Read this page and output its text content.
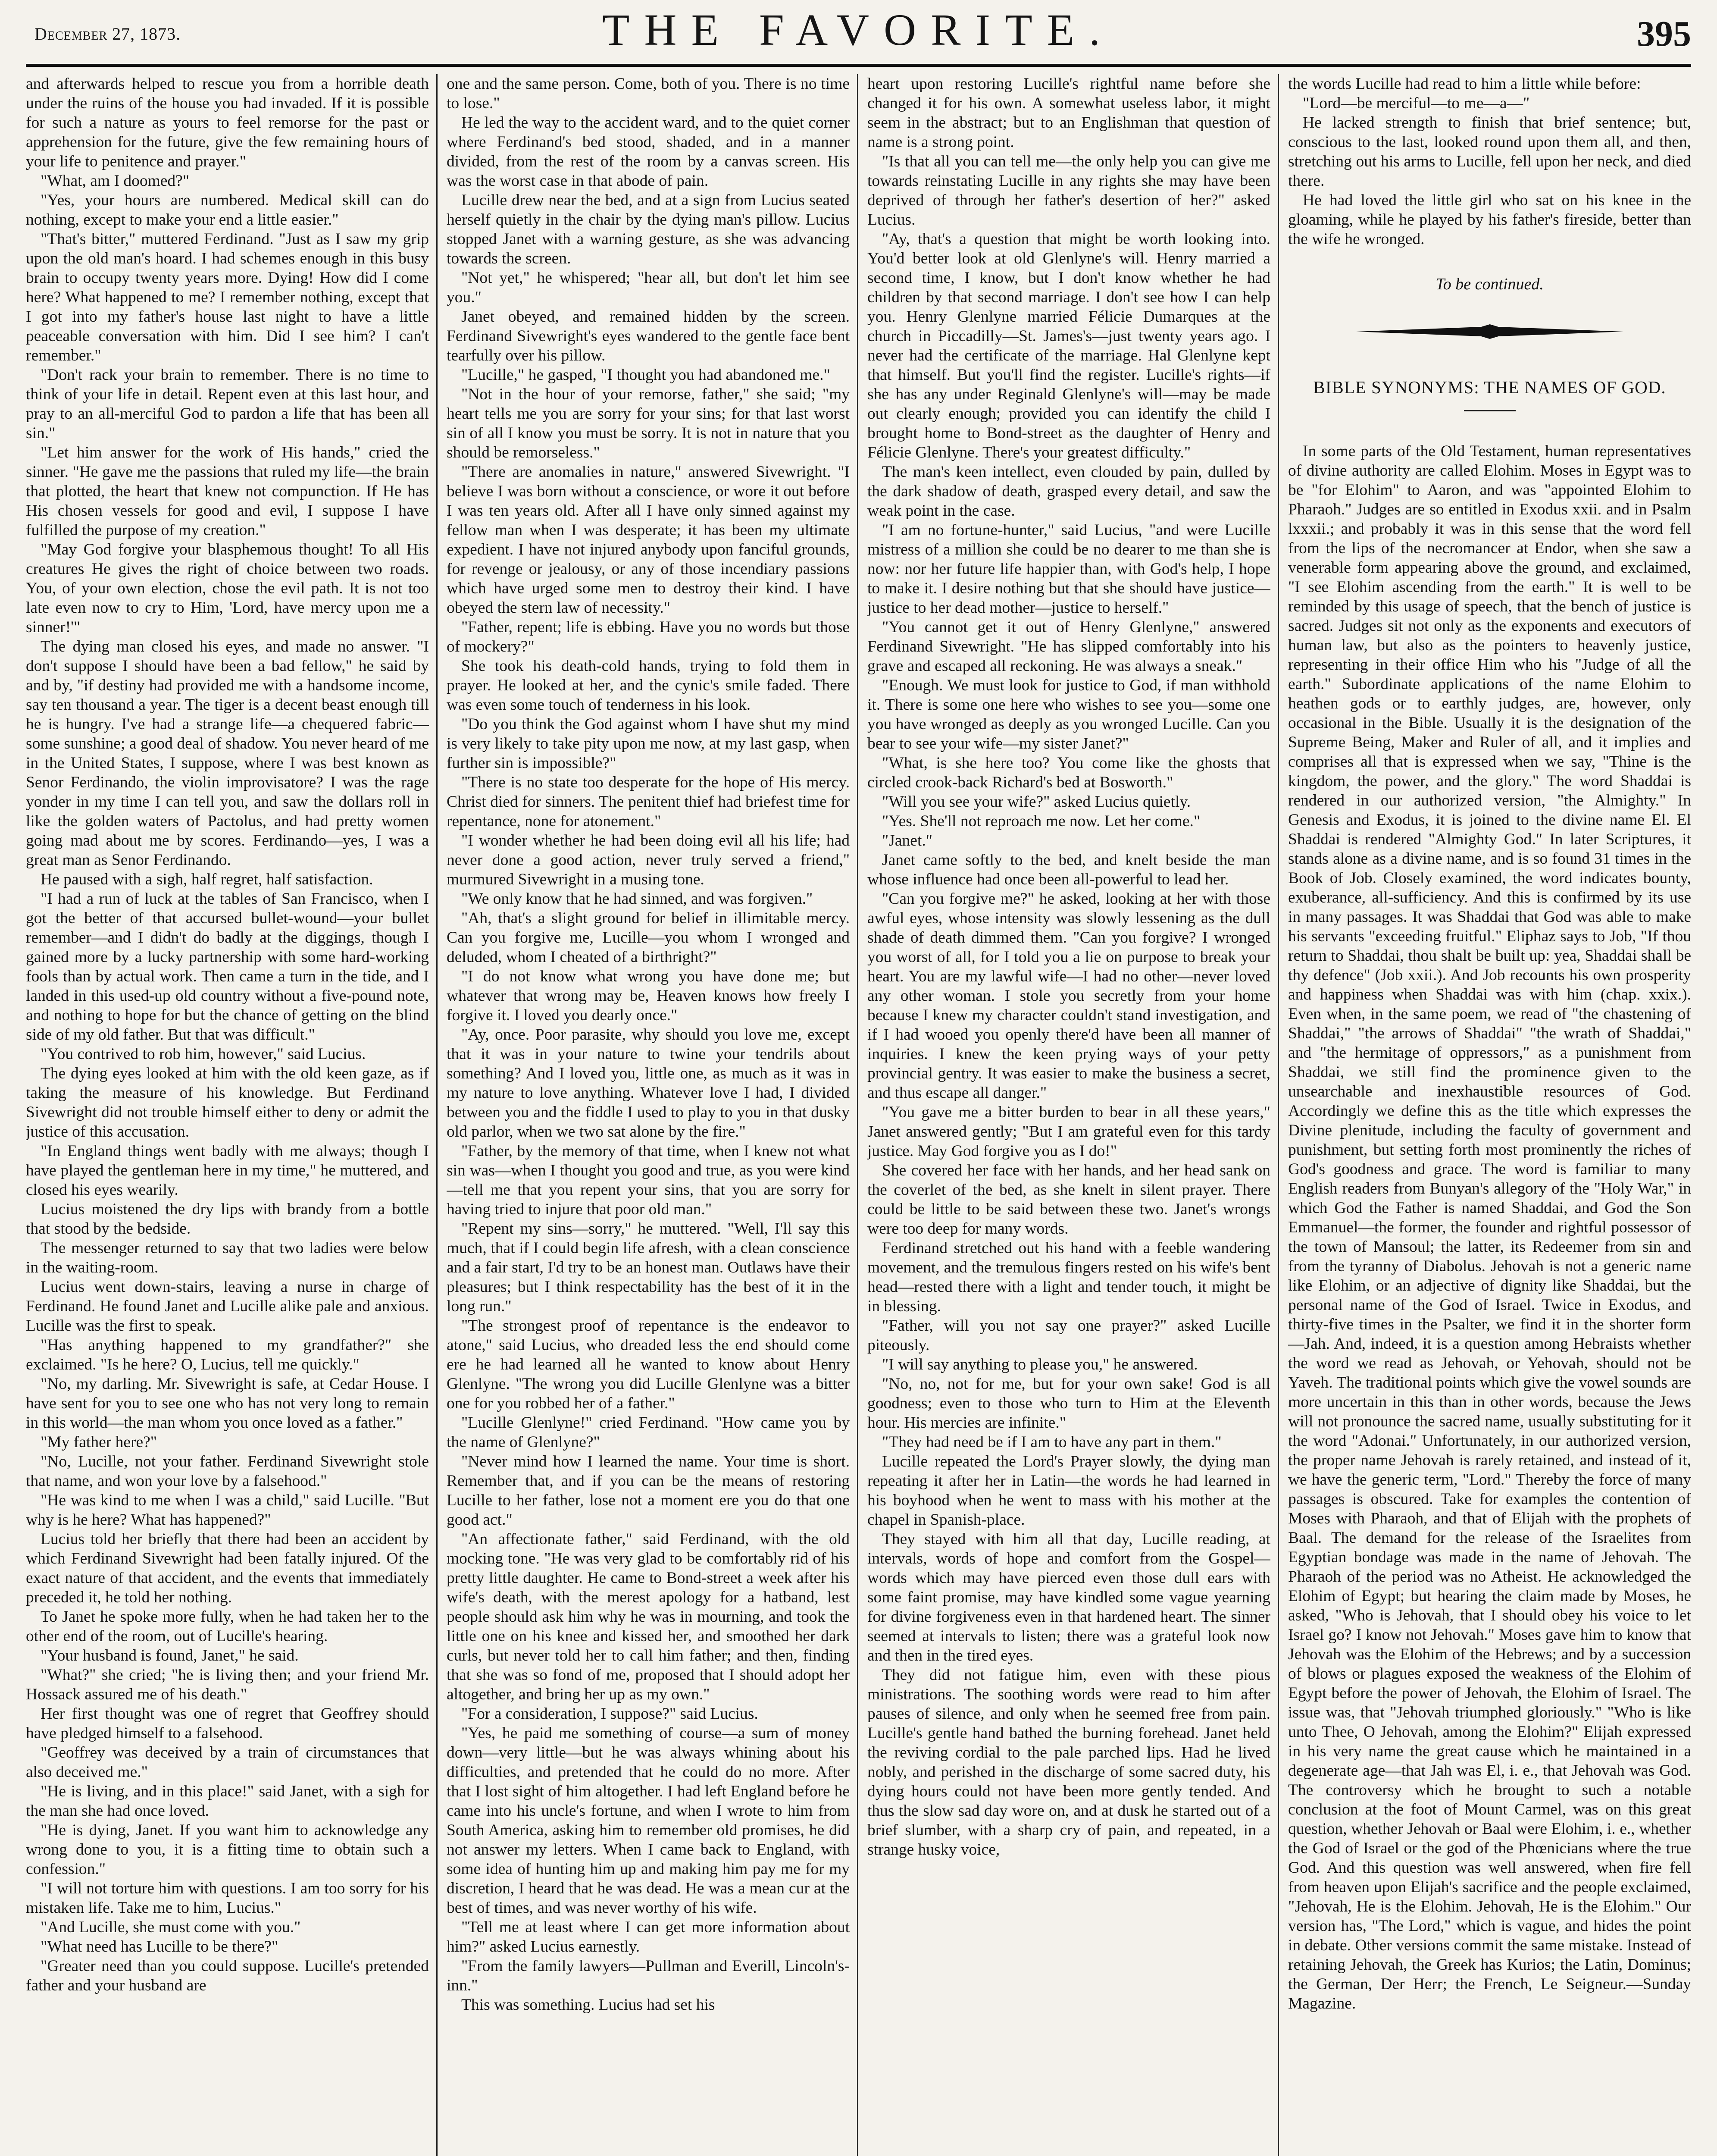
December 27, 1873.	THE FAVORITE.	395

and afterwards helped to rescue you from a horrible death under the ruins of the house you had invaded. If it is possible for such a nature as yours to feel remorse for the past or apprehension for the future, give the few remaining hours of your life to penitence and prayer."

"What, am I doomed?"

"Yes, your hours are numbered. Medical skill can do nothing, except to make your end a little easier."

"That's bitter," muttered Ferdinand. "Just as I saw my grip upon the old man's hoard. I had schemes enough in this busy brain to occupy twenty years more. Dying! How did I come here? What happened to me? I remember nothing, except that I got into my father's house last night to have a little peaceable conversation with him. Did I see him? I can't remember."

"Don't rack your brain to remember. There is no time to think of your life in detail. Repent even at this last hour, and pray to an all-merciful God to pardon a life that has been all sin."

"Let him answer for the work of His hands," cried the sinner. "He gave me the passions that ruled my life—the brain that plotted, the heart that knew not compunction. If He has His chosen vessels for good and evil, I suppose I have fulfilled the purpose of my creation."

"May God forgive your blasphemous thought! To all His creatures He gives the right of choice between two roads. You, of your own election, chose the evil path. It is not too late even now to cry to Him, 'Lord, have mercy upon me a sinner!'"

The dying man closed his eyes, and made no answer. "I don't suppose I should have been a bad fellow," he said by and by, "if destiny had provided me with a handsome income, say ten thousand a year. The tiger is a decent beast enough till he is hungry. I've had a strange life—a chequered fabric—some sunshine; a good deal of shadow. You never heard of me in the United States, I suppose, where I was best known as Senor Ferdinando, the violin improvisatore? I was the rage yonder in my time I can tell you, and saw the dollars roll in like the golden waters of Pactolus, and had pretty women going mad about me by scores. Ferdinando—yes, I was a great man as Senor Ferdinando.

He paused with a sigh, half regret, half satisfaction.

"I had a run of luck at the tables of San Francisco, when I got the better of that accursed bullet-wound—your bullet remember—and I didn't do badly at the diggings, though I gained more by a lucky partnership with some hard-working fools than by actual work. Then came a turn in the tide, and I landed in this used-up old country without a five-pound note, and nothing to hope for but the chance of getting on the blind side of my old father. But that was difficult."

"You contrived to rob him, however," said Lucius.

The dying eyes looked at him with the old keen gaze, as if taking the measure of his knowledge. But Ferdinand Sivewright did not trouble himself either to deny or admit the justice of this accusation.

"In England things went badly with me always; though I have played the gentleman here in my time," he muttered, and closed his eyes wearily.

Lucius moistened the dry lips with brandy from a bottle that stood by the bedside.

The messenger returned to say that two ladies were below in the waiting-room.

Lucius went down-stairs, leaving a nurse in charge of Ferdinand. He found Janet and Lucille alike pale and anxious. Lucille was the first to speak.

"Has anything happened to my grandfather?" she exclaimed. "Is he here? O, Lucius, tell me quickly."

"No, my darling. Mr. Sivewright is safe, at Cedar House. I have sent for you to see one who has not very long to remain in this world—the man whom you once loved as a father."

"My father here?"

"No, Lucille, not your father. Ferdinand Sivewright stole that name, and won your love by a falsehood."

"He was kind to me when I was a child," said Lucille. "But why is he here? What has happened?"

Lucius told her briefly that there had been an accident by which Ferdinand Sivewright had been fatally injured. Of the exact nature of that accident, and the events that immediately preceded it, he told her nothing.

To Janet he spoke more fully, when he had taken her to the other end of the room, out of Lucille's hearing.

"Your husband is found, Janet," he said.

"What?" she cried; "he is living then; and your friend Mr. Hossack assured me of his death."

Her first thought was one of regret that Geoffrey should have pledged himself to a falsehood.

"Geoffrey was deceived by a train of circumstances that also deceived me."

"He is living, and in this place!" said Janet, with a sigh for the man she had once loved.

"He is dying, Janet. If you want him to acknowledge any wrong done to you, it is a fitting time to obtain such a confession."

"I will not torture him with questions. I am too sorry for his mistaken life. Take me to him, Lucius."

"And Lucille, she must come with you."

"What need has Lucille to be there?"

"Greater need than you could suppose. Lucille's pretended father and your husband are

one and the same person. Come, both of you. There is no time to lose."

He led the way to the accident ward, and to the quiet corner where Ferdinand's bed stood, shaded, and in a manner divided, from the rest of the room by a canvas screen. His was the worst case in that abode of pain.

Lucille drew near the bed, and at a sign from Lucius seated herself quietly in the chair by the dying man's pillow. Lucius stopped Janet with a warning gesture, as she was advancing towards the screen.

"Not yet," he whispered; "hear all, but don't let him see you."

Janet obeyed, and remained hidden by the screen. Ferdinand Sivewright's eyes wandered to the gentle face bent tearfully over his pillow.

"Lucille," he gasped, "I thought you had abandoned me."

"Not in the hour of your remorse, father," she said; "my heart tells me you are sorry for your sins; for that last worst sin of all I know you must be sorry. It is not in nature that you should be remorseless."

"There are anomalies in nature," answered Sivewright. "I believe I was born without a conscience, or wore it out before I was ten years old. After all I have only sinned against my fellow man when I was desperate; it has been my ultimate expedient. I have not injured anybody upon fanciful grounds, for revenge or jealousy, or any of those incendiary passions which have urged some men to destroy their kind. I have obeyed the stern law of necessity."

"Father, repent; life is ebbing. Have you no words but those of mockery?"

She took his death-cold hands, trying to fold them in prayer. He looked at her, and the cynic's smile faded. There was even some touch of tenderness in his look.

"Do you think the God against whom I have shut my mind is very likely to take pity upon me now, at my last gasp, when further sin is impossible?"

"There is no state too desperate for the hope of His mercy. Christ died for sinners. The penitent thief had briefest time for repentance, none for atonement."

"I wonder whether he had been doing evil all his life; had never done a good action, never truly served a friend," murmured Sivewright in a musing tone.

"We only know that he had sinned, and was forgiven."

"Ah, that's a slight ground for belief in illimitable mercy. Can you forgive me, Lucille—you whom I wronged and deluded, whom I cheated of a birthright?"

"I do not know what wrong you have done me; but whatever that wrong may be, Heaven knows how freely I forgive it. I loved you dearly once."

"Ay, once. Poor parasite, why should you love me, except that it was in your nature to twine your tendrils about something? And I loved you, little one, as much as it was in my nature to love anything. Whatever love I had, I divided between you and the fiddle I used to play to you in that dusky old parlor, when we two sat alone by the fire."

"Father, by the memory of that time, when I knew not what sin was—when I thought you good and true, as you were kind—tell me that you repent your sins, that you are sorry for having tried to injure that poor old man."

"Repent my sins—sorry," he muttered. "Well, I'll say this much, that if I could begin life afresh, with a clean conscience and a fair start, I'd try to be an honest man. Outlaws have their pleasures; but I think respectability has the best of it in the long run."

"The strongest proof of repentance is the endeavor to atone," said Lucius, who dreaded less the end should come ere he had learned all he wanted to know about Henry Glenlyne. "The wrong you did Lucille Glenlyne was a bitter one for you robbed her of a father."

"Lucille Glenlyne!" cried Ferdinand. "How came you by the name of Glenlyne?"

"Never mind how I learned the name. Your time is short. Remember that, and if you can be the means of restoring Lucille to her father, lose not a moment ere you do that one good act."

"An affectionate father," said Ferdinand, with the old mocking tone. "He was very glad to be comfortably rid of his pretty little daughter. He came to Bond-street a week after his wife's death, with the merest apology for a hatband, lest people should ask him why he was in mourning, and took the little one on his knee and kissed her, and smoothed her dark curls, but never told her to call him father; and then, finding that she was so fond of me, proposed that I should adopt her altogether, and bring her up as my own."

"For a consideration, I suppose?" said Lucius.

"Yes, he paid me something of course—a sum of money down—very little—but he was always whining about his difficulties, and pretended that he could do no more. After that I lost sight of him altogether. I had left England before he came into his uncle's fortune, and when I wrote to him from South America, asking him to remember old promises, he did not answer my letters. When I came back to England, with some idea of hunting him up and making him pay me for my discretion, I heard that he was dead. He was a mean cur at the best of times, and was never worthy of his wife.

"Tell me at least where I can get more information about him?" asked Lucius earnestly.

"From the family lawyers—Pullman and Everill, Lincoln's-inn."

This was something. Lucius had set his

heart upon restoring Lucille's rightful name before she changed it for his own. A somewhat useless labor, it might seem in the abstract; but to an Englishman that question of name is a strong point.

"Is that all you can tell me—the only help you can give me towards reinstating Lucille in any rights she may have been deprived of through her father's desertion of her?" asked Lucius.

"Ay, that's a question that might be worth looking into. You'd better look at old Glenlyne's will. Henry married a second time, I know, but I don't know whether he had children by that second marriage. I don't see how I can help you. Henry Glenlyne married Félicie Dumarques at the church in Piccadilly—St. James's—just twenty years ago. I never had the certificate of the marriage. Hal Glenlyne kept that himself. But you'll find the register. Lucille's rights—if she has any under Reginald Glenlyne's will—may be made out clearly enough; provided you can identify the child I brought home to Bond-street as the daughter of Henry and Félicie Glenlyne. There's your greatest difficulty."

The man's keen intellect, even clouded by pain, dulled by the dark shadow of death, grasped every detail, and saw the weak point in the case.

"I am no fortune-hunter," said Lucius, "and were Lucille mistress of a million she could be no dearer to me than she is now: nor her future life happier than, with God's help, I hope to make it. I desire nothing but that she should have justice—justice to her dead mother—justice to herself."

"You cannot get it out of Henry Glenlyne," answered Ferdinand Sivewright. "He has slipped comfortably into his grave and escaped all reckoning. He was always a sneak."

"Enough. We must look for justice to God, if man withhold it. There is some one here who wishes to see you—some one you have wronged as deeply as you wronged Lucille. Can you bear to see your wife—my sister Janet?"

"What, is she here too? You come like the ghosts that circled crook-back Richard's bed at Bosworth."

"Will you see your wife?" asked Lucius quietly.

"Yes. She'll not reproach me now. Let her come."

"Janet."

Janet came softly to the bed, and knelt beside the man whose influence had once been all-powerful to lead her.

"Can you forgive me?" he asked, looking at her with those awful eyes, whose intensity was slowly lessening as the dull shade of death dimmed them. "Can you forgive? I wronged you worst of all, for I told you a lie on purpose to break your heart. You are my lawful wife—I had no other—never loved any other woman. I stole you secretly from your home because I knew my character couldn't stand investigation, and if I had wooed you openly there'd have been all manner of inquiries. I knew the keen prying ways of your petty provincial gentry. It was easier to make the business a secret, and thus escape all danger."

"You gave me a bitter burden to bear in all these years," Janet answered gently; "But I am grateful even for this tardy justice. May God forgive you as I do!"

She covered her face with her hands, and her head sank on the coverlet of the bed, as she knelt in silent prayer. There could be little to be said between these two. Janet's wrongs were too deep for many words.

Ferdinand stretched out his hand with a feeble wandering movement, and the tremulous fingers rested on his wife's bent head—rested there with a light and tender touch, it might be in blessing.

"Father, will you not say one prayer?" asked Lucille piteously.

"I will say anything to please you," he answered.

"No, no, not for me, but for your own sake! God is all goodness; even to those who turn to Him at the Eleventh hour. His mercies are infinite."

"They had need be if I am to have any part in them."

Lucille repeated the Lord's Prayer slowly, the dying man repeating it after her in Latin—the words he had learned in his boyhood when he went to mass with his mother at the chapel in Spanish-place.

They stayed with him all that day, Lucille reading, at intervals, words of hope and comfort from the Gospel—words which may have pierced even those dull ears with some faint promise, may have kindled some vague yearning for divine forgiveness even in that hardened heart. The sinner seemed at intervals to listen; there was a grateful look now and then in the tired eyes.

They did not fatigue him, even with these pious ministrations. The soothing words were read to him after pauses of silence, and only when he seemed free from pain. Lucille's gentle hand bathed the burning forehead. Janet held the reviving cordial to the pale parched lips. Had he lived nobly, and perished in the discharge of some sacred duty, his dying hours could not have been more gently tended. And thus the slow sad day wore on, and at dusk he started out of a brief slumber, with a sharp cry of pain, and repeated, in a strange husky voice,

the words Lucille had read to him a little while before:

"Lord—be merciful—to me—a—"

He lacked strength to finish that brief sentence; but, conscious to the last, looked round upon them all, and then, stretching out his arms to Lucille, fell upon her neck, and died there.

He had loved the little girl who sat on his knee in the gloaming, while he played by his father's fireside, better than the wife he wronged.

To be continued.
BIBLE SYNONYMS: THE NAMES OF GOD.

In some parts of the Old Testament, human representatives of divine authority are called Elohim. Moses in Egypt was to be "for Elohim" to Aaron, and was "appointed Elohim to Pharaoh." Judges are so entitled in Exodus xxii. and in Psalm lxxxii.; and probably it was in this sense that the word fell from the lips of the necromancer at Endor, when she saw a venerable form appearing above the ground, and exclaimed, "I see Elohim ascending from the earth." It is well to be reminded by this usage of speech, that the bench of justice is sacred. Judges sit not only as the exponents and executors of human law, but also as the pointers to heavenly justice, representing in their office Him who his "Judge of all the earth." Subordinate applications of the name Elohim to heathen gods or to earthly judges, are, however, only occasional in the Bible. Usually it is the designation of the Supreme Being, Maker and Ruler of all, and it implies and comprises all that is expressed when we say, "Thine is the kingdom, the power, and the glory." The word Shaddai is rendered in our authorized version, "the Almighty." In Genesis and Exodus, it is joined to the divine name El. El Shaddai is rendered "Almighty God." In later Scriptures, it stands alone as a divine name, and is so found 31 times in the Book of Job. Closely examined, the word indicates bounty, exuberance, all-sufficiency. And this is confirmed by its use in many passages. It was Shaddai that God was able to make his servants "exceeding fruitful." Eliphaz says to Job, "If thou return to Shaddai, thou shalt be built up: yea, Shaddai shall be thy defence" (Job xxii.). And Job recounts his own prosperity and happiness when Shaddai was with him (chap. xxix.). Even when, in the same poem, we read of "the chastening of Shaddai," "the arrows of Shaddai" "the wrath of Shaddai," and "the hermitage of oppressors," as a punishment from Shaddai, we still find the prominence given to the unsearchable and inexhaustible resources of God. Accordingly we define this as the title which expresses the Divine plenitude, including the faculty of government and punishment, but setting forth most prominently the riches of God's goodness and grace. The word is familiar to many English readers from Bunyan's allegory of the "Holy War," in which God the Father is named Shaddai, and God the Son Emmanuel—the former, the founder and rightful possessor of the town of Mansoul; the latter, its Redeemer from sin and from the tyranny of Diabolus. Jehovah is not a generic name like Elohim, or an adjective of dignity like Shaddai, but the personal name of the God of Israel. Twice in Exodus, and thirty-five times in the Psalter, we find it in the shorter form—Jah. And, indeed, it is a question among Hebraists whether the word we read as Jehovah, or Yehovah, should not be Yaveh. The traditional points which give the vowel sounds are more uncertain in this than in other words, because the Jews will not pronounce the sacred name, usually substituting for it the word "Adonai." Unfortunately, in our authorized version, the proper name Jehovah is rarely retained, and instead of it, we have the generic term, "Lord." Thereby the force of many passages is obscured. Take for examples the contention of Moses with Pharaoh, and that of Elijah with the prophets of Baal. The demand for the release of the Israelites from Egyptian bondage was made in the name of Jehovah. The Pharaoh of the period was no Atheist. He acknowledged the Elohim of Egypt; but hearing the claim made by Moses, he asked, "Who is Jehovah, that I should obey his voice to let Israel go? I know not Jehovah." Moses gave him to know that Jehovah was the Elohim of the Hebrews; and by a succession of blows or plagues exposed the weakness of the Elohim of Egypt before the power of Jehovah, the Elohim of Israel. The issue was, that "Jehovah triumphed gloriously." "Who is like unto Thee, O Jehovah, among the Elohim?" Elijah expressed in his very name the great cause which he maintained in a degenerate age—that Jah was El, i. e., that Jehovah was God. The controversy which he brought to such a notable conclusion at the foot of Mount Carmel, was on this great question, whether Jehovah or Baal were Elohim, i. e., whether the God of Israel or the god of the Phœnicians where the true God. And this question was well answered, when fire fell from heaven upon Elijah's sacrifice and the people exclaimed, "Jehovah, He is the Elohim. Jehovah, He is the Elohim." Our version has, "The Lord," which is vague, and hides the point in debate. Other versions commit the same mistake. Instead of retaining Jehovah, the Greek has Kurios; the Latin, Dominus; the German, Der Herr; the French, Le Seigneur.—Sunday Magazine.
